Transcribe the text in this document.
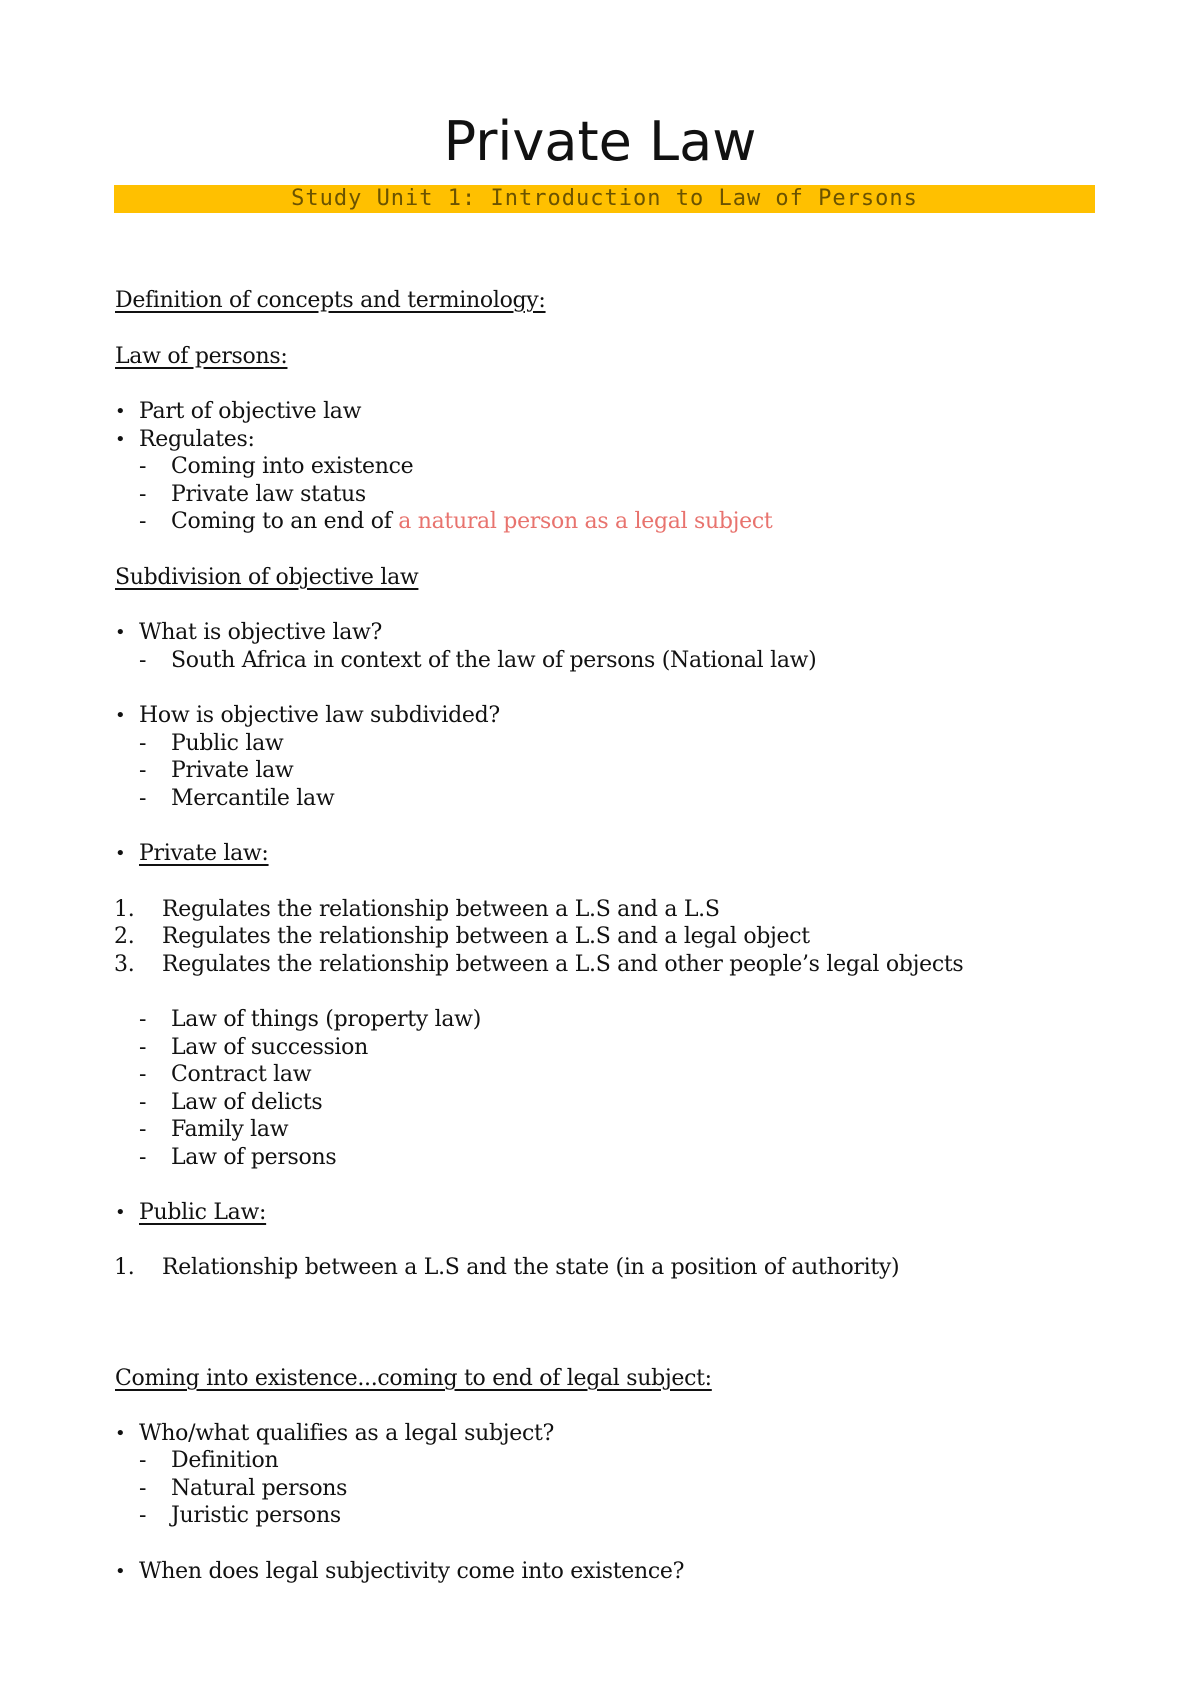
Private Law
Study Unit 1: Introduction to Law of Persons
Definition of concepts and terminology:
Law of persons:
• Part of objective law
• Regulates:
- Coming into existence
- Private law status
- Coming to an end of a natural person as a legal subject
Subdivision of objective law
• What is objective law?
- South Africa in context of the law of persons (National law)
• How is objective law subdivided?
- Public law
- Private law
- Mercantile law
• Private law:
1. Regulates the relationship between a L.S and a L.S
2. Regulates the relationship between a L.S and a legal object
3. Regulates the relationship between a L.S and other people’s legal objects
- Law of things (property law)
- Law of succession
- Contract law
- Law of delicts
- Family law
- Law of persons
• Public Law:
1. Relationship between a L.S and the state (in a position of authority)
Coming into existence...coming to end of legal subject:
• Who/what qualifies as a legal subject?
- Definition
- Natural persons
- Juristic persons
• When does legal subjectivity come into existence?
